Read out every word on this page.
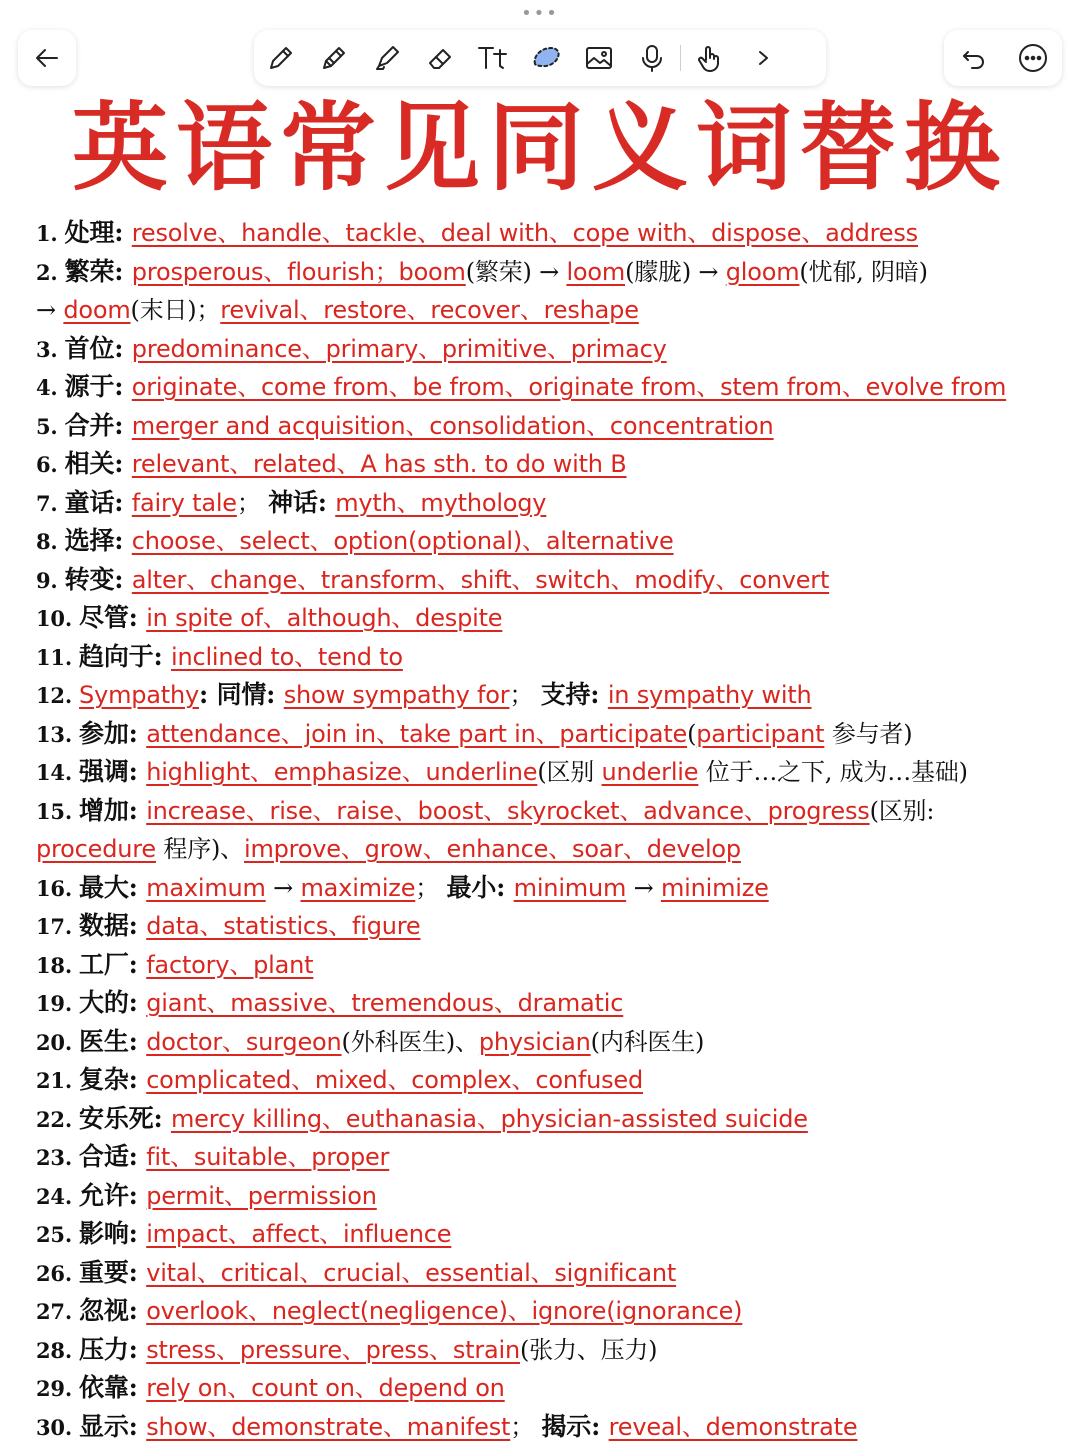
•••
英语常见同义词替换
1. 处理: resolve、handle、tackle、deal with、cope with、dispose、address
2. 繁荣: prosperous、flourish；boom(繁荣) → loom(朦胧) → gloom(忧郁, 阴暗)
→ doom(末日)；revival、restore、recover、reshape
3. 首位: predominance、primary、primitive、primacy
4. 源于: originate、come from、be from、originate from、stem from、evolve from
5. 合并: merger and acquisition、consolidation、concentration
6. 相关: relevant、related、A has sth. to do with B
7. 童话: fairy tale； 神话: myth、mythology
8. 选择: choose、select、option(optional)、alternative
9. 转变: alter、change、transform、shift、switch、modify、convert
10. 尽管: in spite of、although、despite
11. 趋向于: inclined to、tend to
12. Sympathy: 同情: show sympathy for； 支持: in sympathy with
13. 参加: attendance、join in、take part in、participate(participant 参与者)
14. 强调: highlight、emphasize、underline(区别 underlie 位于…之下, 成为…基础)
15. 增加: increase、rise、raise、boost、skyrocket、advance、progress(区别:
procedure 程序)、improve、grow、enhance、soar、develop
16. 最大: maximum → maximize； 最小: minimum → minimize
17. 数据: data、statistics、figure
18. 工厂: factory、plant
19. 大的: giant、massive、tremendous、dramatic
20. 医生: doctor、surgeon(外科医生)、physician(内科医生)
21. 复杂: complicated、mixed、complex、confused
22. 安乐死: mercy killing、euthanasia、physician-assisted suicide
23. 合适: fit、suitable、proper
24. 允许: permit、permission
25. 影响: impact、affect、influence
26. 重要: vital、critical、crucial、essential、significant
27. 忽视: overlook、neglect(negligence)、ignore(ignorance)
28. 压力: stress、pressure、press、strain(张力、压力)
29. 依靠: rely on、count on、depend on
30. 显示: show、demonstrate、manifest； 揭示: reveal、demonstrate
